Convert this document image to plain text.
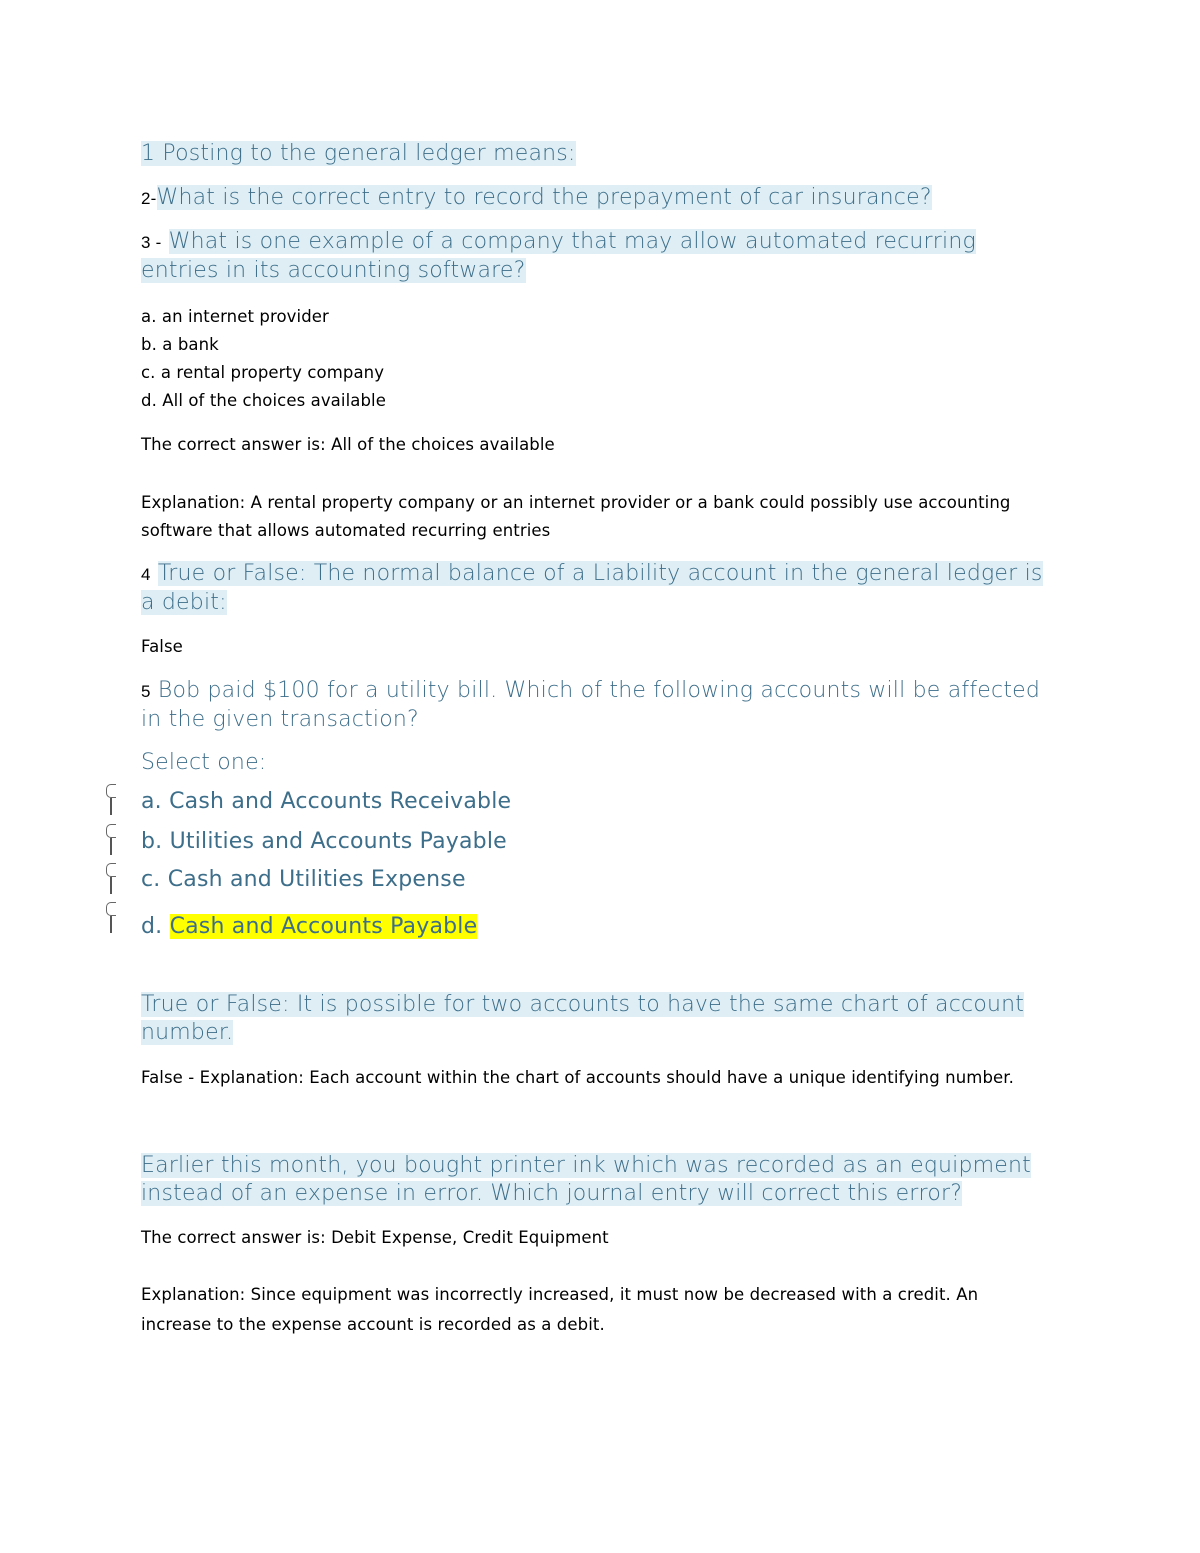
1 Posting to the general ledger means:
2-What is the correct entry to record the prepayment of car insurance?
3 - What is one example of a company that may allow automated recurring
entries in its accounting software?
a. an internet provider
b. a bank
c. a rental property company
d. All of the choices available
The correct answer is: All of the choices available
Explanation: A rental property company or an internet provider or a bank could possibly use accounting
software that allows automated recurring entries
4 True or False: The normal balance of a Liability account in the general ledger is
a debit:
False
5 Bob paid $100 for a utility bill. Which of the following accounts will be affected
in the given transaction?
Select one:
a. Cash and Accounts Receivable
b. Utilities and Accounts Payable
c. Cash and Utilities Expense
d. Cash and Accounts Payable
True or False: It is possible for two accounts to have the same chart of account
number.
False - Explanation: Each account within the chart of accounts should have a unique identifying number.
Earlier this month, you bought printer ink which was recorded as an equipment
instead of an expense in error. Which journal entry will correct this error?
The correct answer is: Debit Expense, Credit Equipment
Explanation: Since equipment was incorrectly increased, it must now be decreased with a credit. An
increase to the expense account is recorded as a debit.
